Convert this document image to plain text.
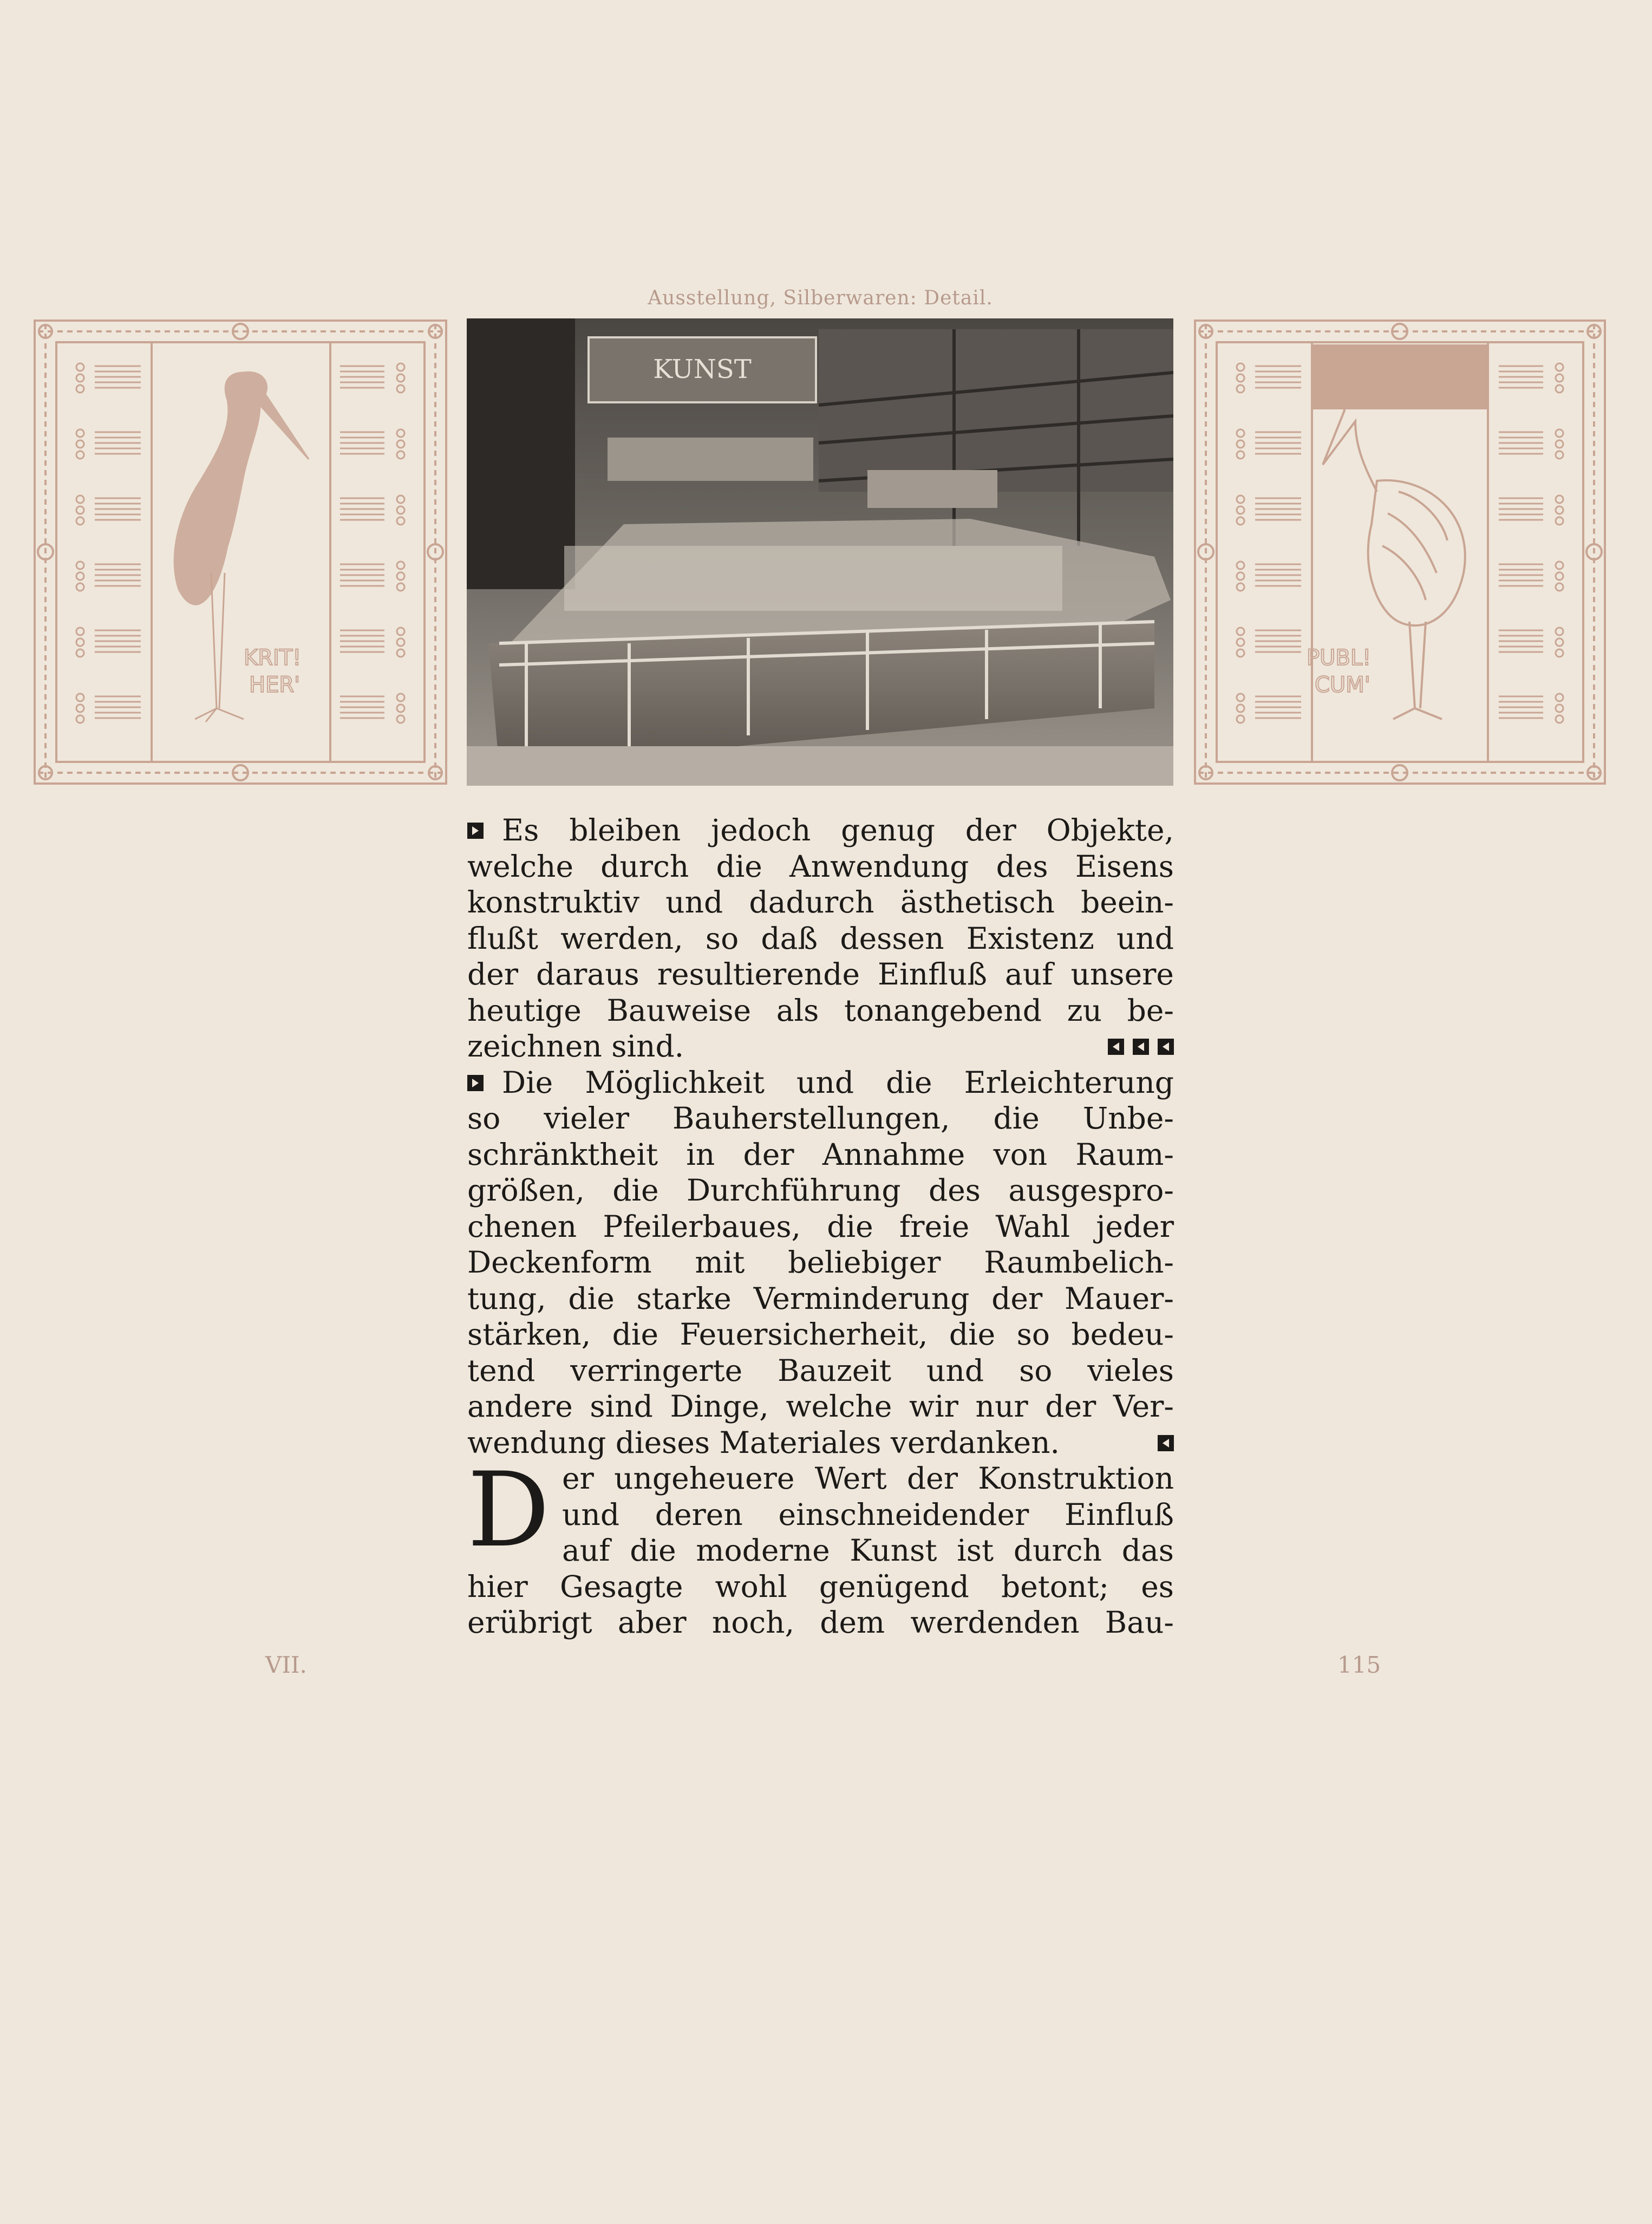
Ausstellung, Silberwaren: Detail.
KRIT!
HER'
KUNST
PUBL!
CUM'
Es bleiben jedoch genug der Objekte,
welche durch die Anwendung des Eisens
konstruktiv und dadurch ästhetisch beein-
flußt werden, so daß dessen Existenz und
der daraus resultierende Einfluß auf unsere
heutige Bauweise als tonangebend zu be-
zeichnen sind.
Die Möglichkeit und die Erleichterung
so vieler Bauherstellungen, die Unbe-
schränktheit in der Annahme von Raum-
größen, die Durchführung des ausgespro-
chenen Pfeilerbaues, die freie Wahl jeder
Deckenform mit beliebiger Raumbelich-
tung, die starke Verminderung der Mauer-
stärken, die Feuersicherheit, die so bedeu-
tend verringerte Bauzeit und so vieles
andere sind Dinge, welche wir nur der Ver-
wendung dieses Materiales verdanken.
D er ungeheuere Wert der Konstruktion
und deren einschneidender Einfluß
auf die moderne Kunst ist durch das
hier Gesagte wohl genügend betont; es
erübrigt aber noch, dem werdenden Bau-
VII.	115
